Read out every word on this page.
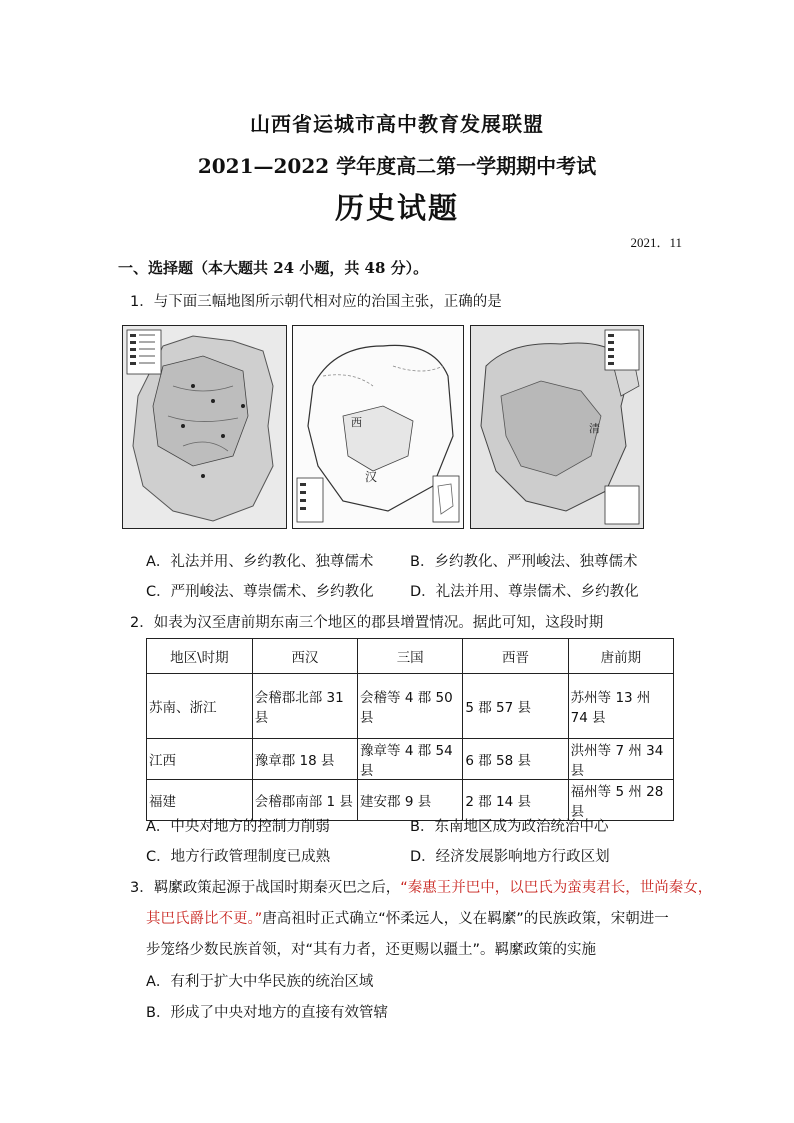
山西省运城市高中教育发展联盟
2021—2022 学年度高二第一学期期中考试
历史试题
2021．11
一、选择题（本大题共 24 小题，共 48 分）。
1．与下面三幅地图所示朝代相对应的治国主张，正确的是
西
汉
清
A．礼法并用、乡约教化、独尊儒术	B．乡约教化、严刑峻法、独尊儒术
C．严刑峻法、尊崇儒术、乡约教化	D．礼法并用、尊崇儒术、乡约教化
2．如表为汉至唐前期东南三个地区的郡县增置情况。据此可知，这段时期
地区\时期	西汉	三国	西晋	唐前期
苏南、浙江	会稽郡北部 31 县	会稽等 4 郡 50 县	5 郡 57 县	苏州等 13 州 74 县
江西	豫章郡 18 县	豫章等 4 郡 54 县	6 郡 58 县	洪州等 7 州 34 县
福建	会稽郡南部 1 县	建安郡 9 县	2 郡 14 县	福州等 5 州 28 县
A．中央对地方的控制力削弱	B．东南地区成为政治统治中心
C．地方行政管理制度已成熟	D．经济发展影响地方行政区划
3．羁縻政策起源于战国时期秦灭巴之后，“秦惠王并巴中，以巴氏为蛮夷君长，世尚秦女，
其巴氏爵比不更。”唐高祖时正式确立“怀柔远人，义在羁縻”的民族政策，宋朝进一
步笼络少数民族首领，对“其有力者，还更赐以疆土”。羁縻政策的实施
A．有利于扩大中华民族的统治区域
B．形成了中央对地方的直接有效管辖
